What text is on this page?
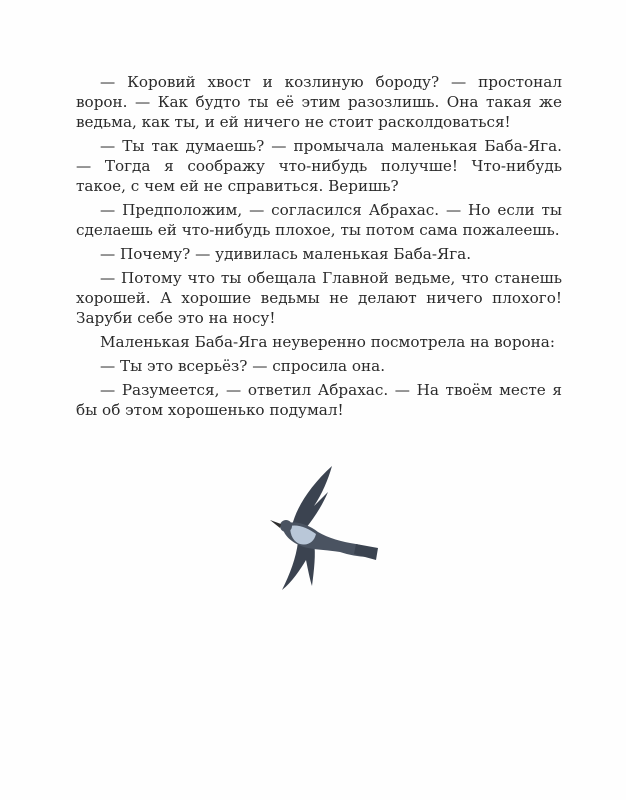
— Коровий хвост и козлиную бороду? — простонал ворон. — Как будто ты её этим разозлишь. Она такая же ведьма, как ты, и ей ничего не стоит расколдоваться!

— Ты так думаешь? — промычала маленькая Баба-Яга. — Тогда я соображу что-нибудь получше! Что-нибудь такое, с чем ей не справиться. Веришь?

— Предположим, — согласился Абрахас. — Но если ты сделаешь ей что-нибудь плохое, ты потом сама пожалеешь.

— Почему? — удивилась маленькая Баба-Яга.

— Потому что ты обещала Главной ведьме, что станешь хорошей. А хорошие ведьмы не делают ничего плохого! Заруби себе это на носу!

Маленькая Баба-Яга неуверенно посмотрела на ворона:

— Ты это всерьёз? — спросила она.

— Разумеется, — ответил Абрахас. — На твоём месте я бы об этом хорошенько подумал!
